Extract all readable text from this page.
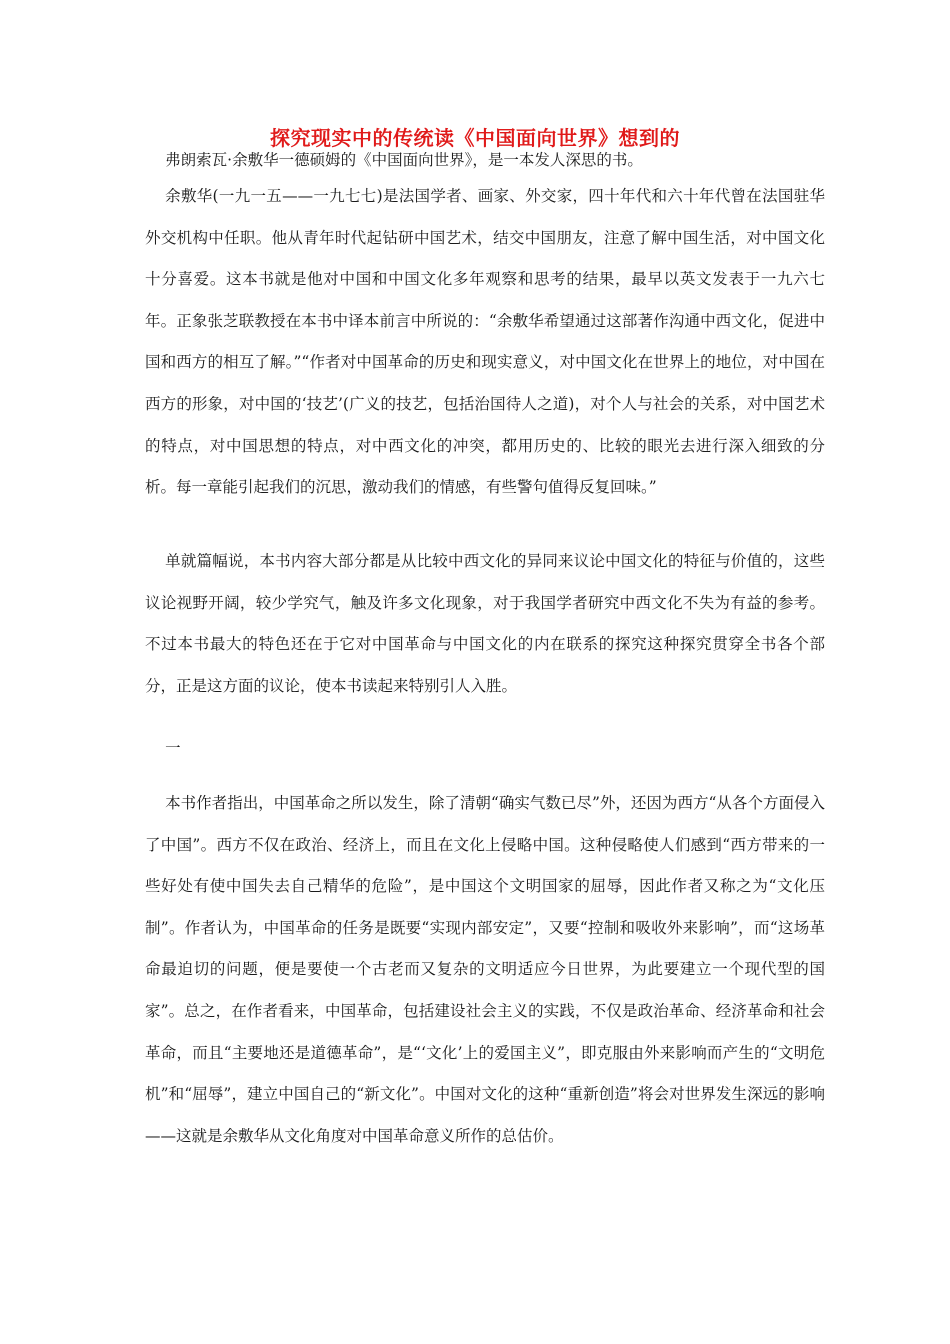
探究现实中的传统读《中国面向世界》想到的

弗朗索瓦·余敷华一德硕姆的《中国面向世界》，是一本发人深思的书。

余敷华(一九一五——一九七七)是法国学者、画家、外交家，四十年代和六十年代曾在法国驻华外交机构中任职。他从青年时代起钻研中国艺术，结交中国朋友，注意了解中国生活，对中国文化十分喜爱。这本书就是他对中国和中国文化多年观察和思考的结果，最早以英文发表于一九六七年。正象张芝联教授在本书中译本前言中所说的：“余敷华希望通过这部著作沟通中西文化，促进中国和西方的相互了解。”“作者对中国革命的历史和现实意义，对中国文化在世界上的地位，对中国在西方的形象，对中国的‘技艺’(广义的技艺，包括治国待人之道)，对个人与社会的关系，对中国艺术的特点，对中国思想的特点，对中西文化的冲突，都用历史的、比较的眼光去进行深入细致的分析。每一章能引起我们的沉思，激动我们的情感，有些警句值得反复回味。”

单就篇幅说，本书内容大部分都是从比较中西文化的异同来议论中国文化的特征与价值的，这些议论视野开阔，较少学究气，触及许多文化现象，对于我国学者研究中西文化不失为有益的参考。不过本书最大的特色还在于它对中国革命与中国文化的内在联系的探究这种探究贯穿全书各个部分，正是这方面的议论，使本书读起来特别引人入胜。

一

本书作者指出，中国革命之所以发生，除了清朝“确实气数已尽”外，还因为西方“从各个方面侵入了中国”。西方不仅在政治、经济上，而且在文化上侵略中国。这种侵略使人们感到“西方带来的一些好处有使中国失去自己精华的危险”，是中国这个文明国家的屈辱，因此作者又称之为“文化压制”。作者认为，中国革命的任务是既要“实现内部安定”，又要“控制和吸收外来影响”，而“这场革命最迫切的问题，便是要使一个古老而又复杂的文明适应今日世界，为此要建立一个现代型的国家”。总之，在作者看来，中国革命，包括建设社会主义的实践，不仅是政治革命、经济革命和社会革命，而且“主要地还是道德革命”，是“‘文化’上的爱国主义”，即克服由外来影响而产生的“文明危机”和“屈辱”，建立中国自己的“新文化”。中国对文化的这种“重新创造”将会对世界发生深远的影响——这就是余敷华从文化角度对中国革命意义所作的总估价。
